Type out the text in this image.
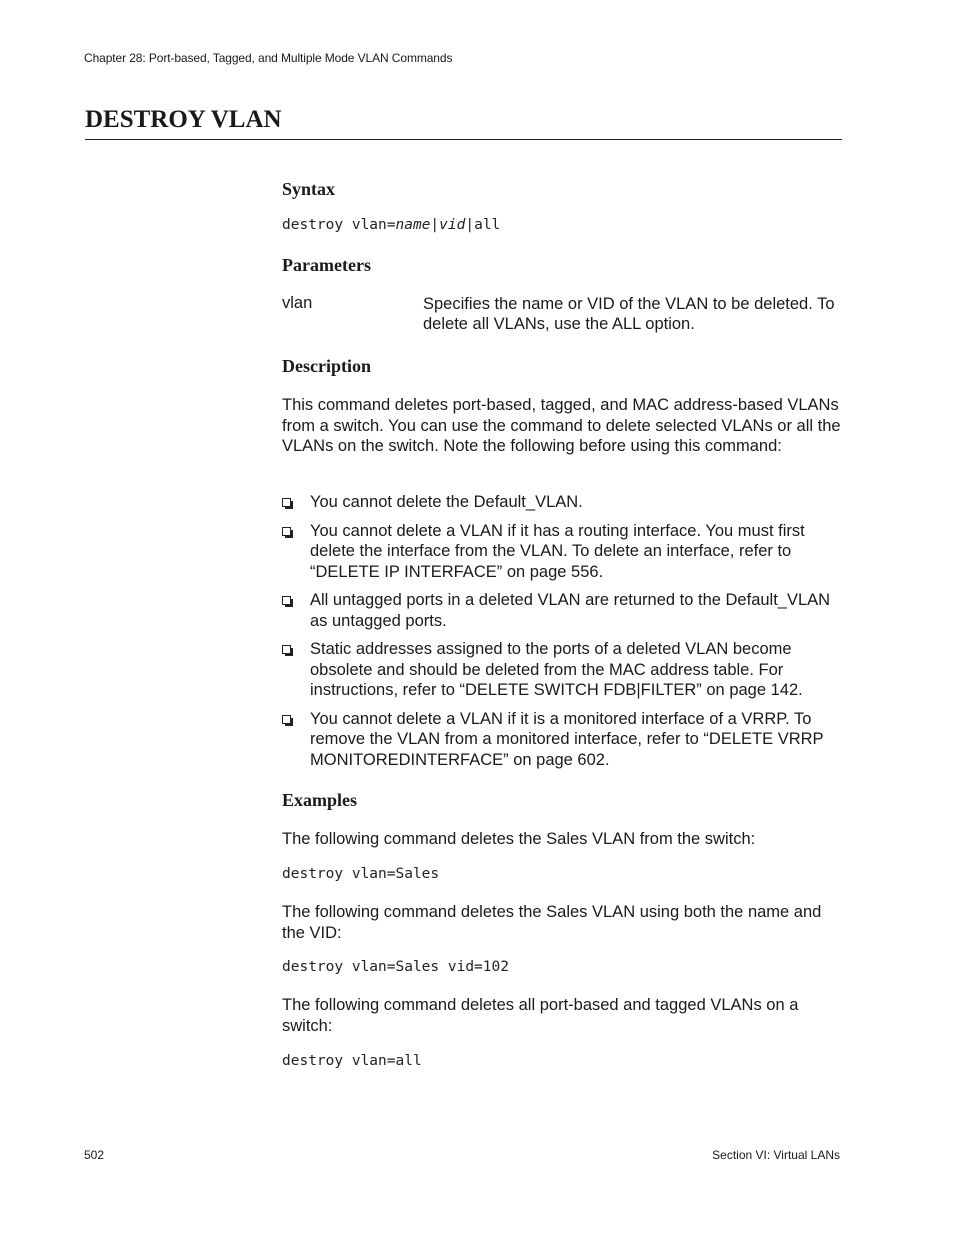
Chapter 28: Port-based, Tagged, and Multiple Mode VLAN Commands
DESTROY VLAN
Syntax
destroy vlan=name|vid|all
Parameters
vlan	Specifies the name or VID of the VLAN to be deleted. To delete all VLANs, use the ALL option.
Description
This command deletes port-based, tagged, and MAC address-based VLANs from a switch. You can use the command to delete selected VLANs or all the VLANs on the switch. Note the following before using this command:
You cannot delete the Default_VLAN.
You cannot delete a VLAN if it has a routing interface. You must first delete the interface from the VLAN. To delete an interface, refer to “DELETE IP INTERFACE” on page 556.
All untagged ports in a deleted VLAN are returned to the Default_VLAN as untagged ports.
Static addresses assigned to the ports of a deleted VLAN become obsolete and should be deleted from the MAC address table. For instructions, refer to “DELETE SWITCH FDB|FILTER” on page 142.
You cannot delete a VLAN if it is a monitored interface of a VRRP. To remove the VLAN from a monitored interface, refer to “DELETE VRRP MONITOREDINTERFACE” on page 602.
Examples
The following command deletes the Sales VLAN from the switch:
destroy vlan=Sales
The following command deletes the Sales VLAN using both the name and the VID:
destroy vlan=Sales vid=102
The following command deletes all port-based and tagged VLANs on a switch:
destroy vlan=all
502	Section VI: Virtual LANs
